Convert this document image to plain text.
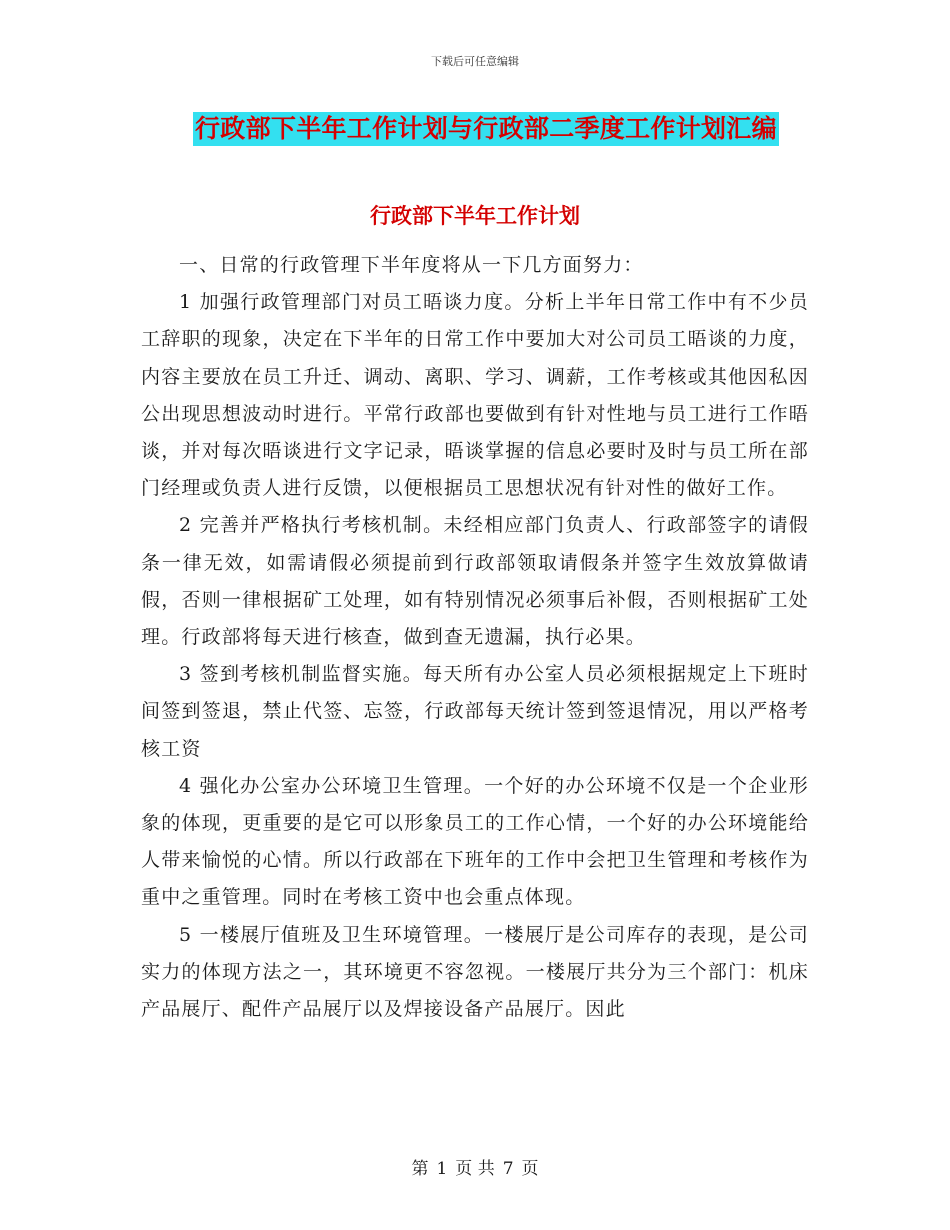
下载后可任意编辑
行政部下半年工作计划与行政部二季度工作计划汇编
行政部下半年工作计划

一、日常的行政管理下半年度将从一下几方面努力：

1 加强行政管理部门对员工晤谈力度。分析上半年日常工作中有不少员工辞职的现象，决定在下半年的日常工作中要加大对公司员工晤谈的力度，内容主要放在员工升迁、调动、离职、学习、调薪，工作考核或其他因私因公出现思想波动时进行。平常行政部也要做到有针对性地与员工进行工作晤谈，并对每次晤谈进行文字记录，晤谈掌握的信息必要时及时与员工所在部门经理或负责人进行反馈，以便根据员工思想状况有针对性的做好工作。

2 完善并严格执行考核机制。未经相应部门负责人、行政部签字的请假条一律无效，如需请假必须提前到行政部领取请假条并签字生效放算做请假，否则一律根据矿工处理，如有特别情况必须事后补假，否则根据矿工处理。行政部将每天进行核查，做到查无遗漏，执行必果。

3 签到考核机制监督实施。每天所有办公室人员必须根据规定上下班时间签到签退，禁止代签、忘签，行政部每天统计签到签退情况，用以严格考核工资

4 强化办公室办公环境卫生管理。一个好的办公环境不仅是一个企业形象的体现，更重要的是它可以形象员工的工作心情，一个好的办公环境能给人带来愉悦的心情。所以行政部在下班年的工作中会把卫生管理和考核作为重中之重管理。同时在考核工资中也会重点体现。

5 一楼展厅值班及卫生环境管理。一楼展厅是公司库存的表现，是公司实力的体现方法之一，其环境更不容忽视。一楼展厅共分为三个部门：机床产品展厅、配件产品展厅以及焊接设备产品展厅。因此

第 1 页 共 7 页
